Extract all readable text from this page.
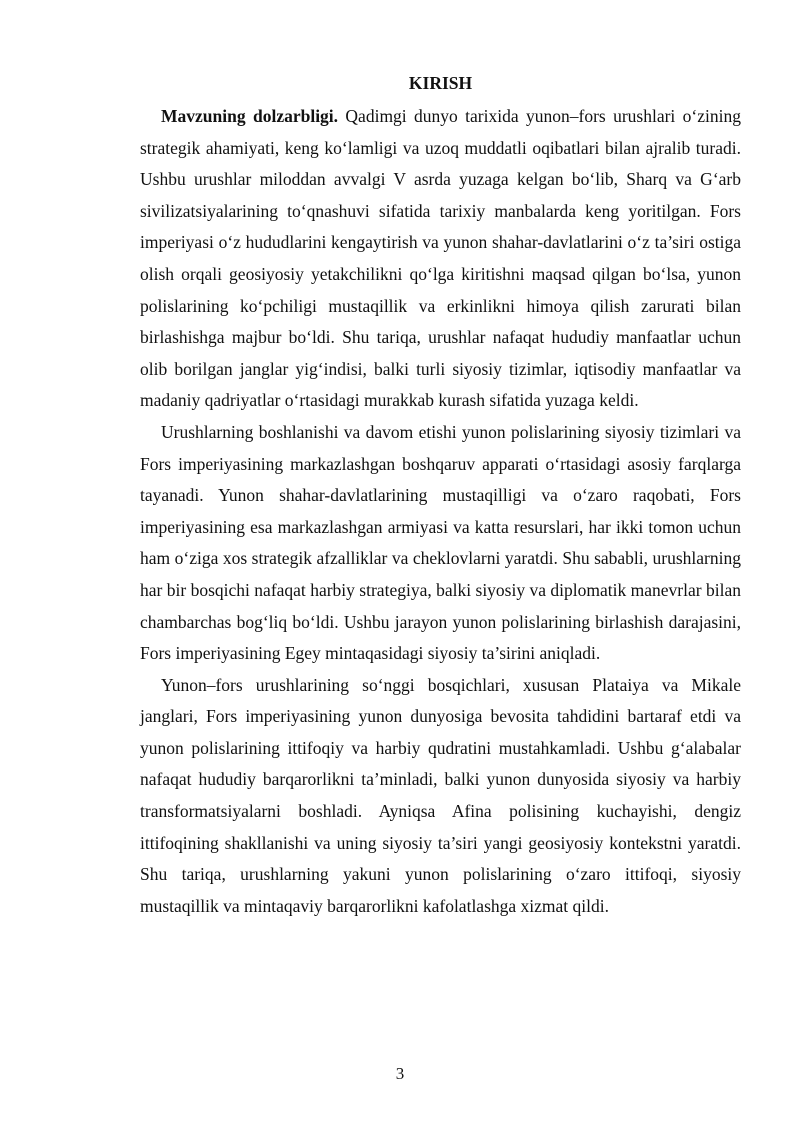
KIRISH

Mavzuning dolzarbligi. Qadimgi dunyo tarixida yunon–fors urushlari o‘zining strategik ahamiyati, keng ko‘lamligi va uzoq muddatli oqibatlari bilan ajralib turadi. Ushbu urushlar miloddan avvalgi V asrda yuzaga kelgan bo‘lib, Sharq va G‘arb sivilizatsiyalarining to‘qnashuvi sifatida tarixiy manbalarda keng yoritilgan. Fors imperiyasi o‘z hududlarini kengaytirish va yunon shahar-davlatlarini o‘z ta’siri ostiga olish orqali geosiyosiy yetakchilikni qo‘lga kiritishni maqsad qilgan bo‘lsa, yunon polislarining ko‘pchiligi mustaqillik va erkinlikni himoya qilish zarurati bilan birlashishga majbur bo‘ldi. Shu tariqa, urushlar nafaqat hududiy manfaatlar uchun olib borilgan janglar yig‘indisi, balki turli siyosiy tizimlar, iqtisodiy manfaatlar va madaniy qadriyatlar o‘rtasidagi murakkab kurash sifatida yuzaga keldi.

Urushlarning boshlanishi va davom etishi yunon polislarining siyosiy tizimlari va Fors imperiyasining markazlashgan boshqaruv apparati o‘rtasidagi asosiy farqlarga tayanadi. Yunon shahar-davlatlarining mustaqilligi va o‘zaro raqobati, Fors imperiyasining esa markazlashgan armiyasi va katta resurslari, har ikki tomon uchun ham o‘ziga xos strategik afzalliklar va cheklovlarni yaratdi. Shu sababli, urushlarning har bir bosqichi nafaqat harbiy strategiya, balki siyosiy va diplomatik manevrlar bilan chambarchas bog‘liq bo‘ldi. Ushbu jarayon yunon polislarining birlashish darajasini, Fors imperiyasining Egey mintaqasidagi siyosiy ta’sirini aniqladi.

Yunon–fors urushlarining so‘nggi bosqichlari, xususan Plataiya va Mikale janglari, Fors imperiyasining yunon dunyosiga bevosita tahdidini bartaraf etdi va yunon polislarining ittifoqiy va harbiy qudratini mustahkamladi. Ushbu g‘alabalar nafaqat hududiy barqarorlikni ta’minladi, balki yunon dunyosida siyosiy va harbiy transformatsiyalarni boshladi. Ayniqsa Afina polisining kuchayishi, dengiz ittifoqining shakllanishi va uning siyosiy ta’siri yangi geosiyosiy kontekstni yaratdi. Shu tariqa, urushlarning yakuni yunon polislarining o‘zaro ittifoqi, siyosiy mustaqillik va mintaqaviy barqarorlikni kafolatlashga xizmat qildi.

3
